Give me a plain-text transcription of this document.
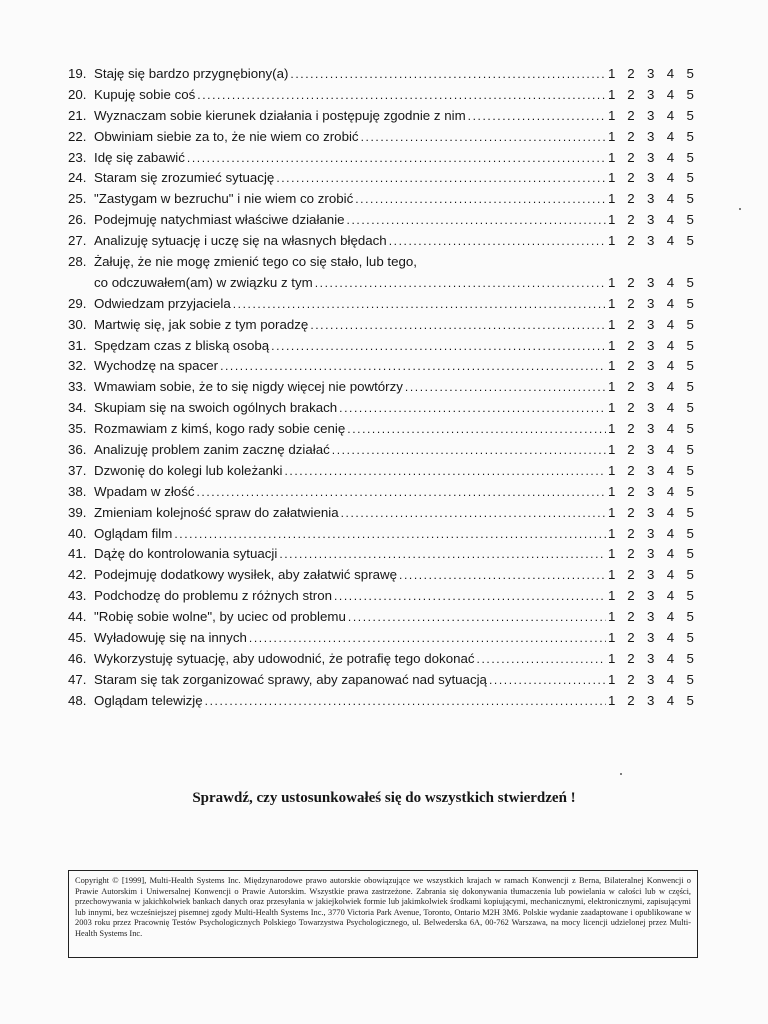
19. Staję się bardzo przygnębiony(a) .....	1 2 3 4 5
20. Kupuję sobie coś .....	1 2 3 4 5
21. Wyznaczam sobie kierunek działania i postępuję zgodnie z nim .....	1 2 3 4 5
22. Obwiniam siebie za to, że nie wiem co zrobić .....	1 2 3 4 5
23. Idę się zabawić .....	1 2 3 4 5
24. Staram się zrozumieć sytuację .....	1 2 3 4 5
25. "Zastygam w bezruchu" i nie wiem co zrobić .....	1 2 3 4 5
26. Podejmuję natychmiast właściwe działanie .....	1 2 3 4 5
27. Analizuję sytuację i uczę się na własnych błędach .....	1 2 3 4 5
28. Żałuję, że nie mogę zmienić tego co się stało, lub tego,
co odczuwałem(am) w związku z tym .....	1 2 3 4 5
29. Odwiedzam przyjaciela .....	1 2 3 4 5
30. Martwię się, jak sobie z tym poradzę .....	1 2 3 4 5
31. Spędzam czas z bliską osobą .....	1 2 3 4 5
32. Wychodzę na spacer .....	1 2 3 4 5
33. Wmawiam sobie, że to się nigdy więcej nie powtórzy .....	1 2 3 4 5
34. Skupiam się na swoich ogólnych brakach .....	1 2 3 4 5
35. Rozmawiam z kimś, kogo rady sobie cenię .....	1 2 3 4 5
36. Analizuję problem zanim zacznę działać .....	1 2 3 4 5
37. Dzwonię do kolegi lub koleżanki .....	1 2 3 4 5
38. Wpadam w złość .....	1 2 3 4 5
39. Zmieniam kolejność spraw do załatwienia .....	1 2 3 4 5
40. Oglądam film .....	1 2 3 4 5
41. Dążę do kontrolowania sytuacji .....	1 2 3 4 5
42. Podejmuję dodatkowy wysiłek, aby załatwić sprawę .....	1 2 3 4 5
43. Podchodzę do problemu z różnych stron .....	1 2 3 4 5
44. "Robię sobie wolne", by uciec od problemu .....	1 2 3 4 5
45. Wyładowuję się na innych .....	1 2 3 4 5
46. Wykorzystuję sytuację, aby udowodnić, że potrafię tego dokonać .....	1 2 3 4 5
47. Staram się tak zorganizować sprawy, aby zapanować nad sytuacją .....	1 2 3 4 5
48. Oglądam telewizję .....	1 2 3 4 5
Sprawdź, czy ustosunkowałeś się do wszystkich stwierdzeń !
Copyright © [1999], Multi-Health Systems Inc. Międzynarodowe prawo autorskie obowiązujące we wszystkich krajach w ramach Konwencji z Berna, Bilateralnej Konwencji o Prawie Autorskim i Uniwersalnej Konwencji o Prawie Autorskim. Wszystkie prawa zastrzeżone. Zabrania się dokonywania tłumaczenia lub powielania w całości lub w części, przechowywania w jakichkolwiek bankach danych oraz przesyłania w jakiejkolwiek formie lub jakimkolwiek środkami kopiującymi, mechanicznymi, elektronicznymi, zapisującymi lub innymi, bez wcześniejszej pisemnej zgody Multi-Health Systems Inc., 3770 Victoria Park Avenue, Toronto, Ontario M2H 3M6. Polskie wydanie zaadaptowane i opublikowane w 2003 roku przez Pracownię Testów Psychologicznych Polskiego Towarzystwa Psychologicznego, ul. Belwederska 6A, 00-762 Warszawa, na mocy licencji udzielonej przez Multi-Health Systems Inc.
